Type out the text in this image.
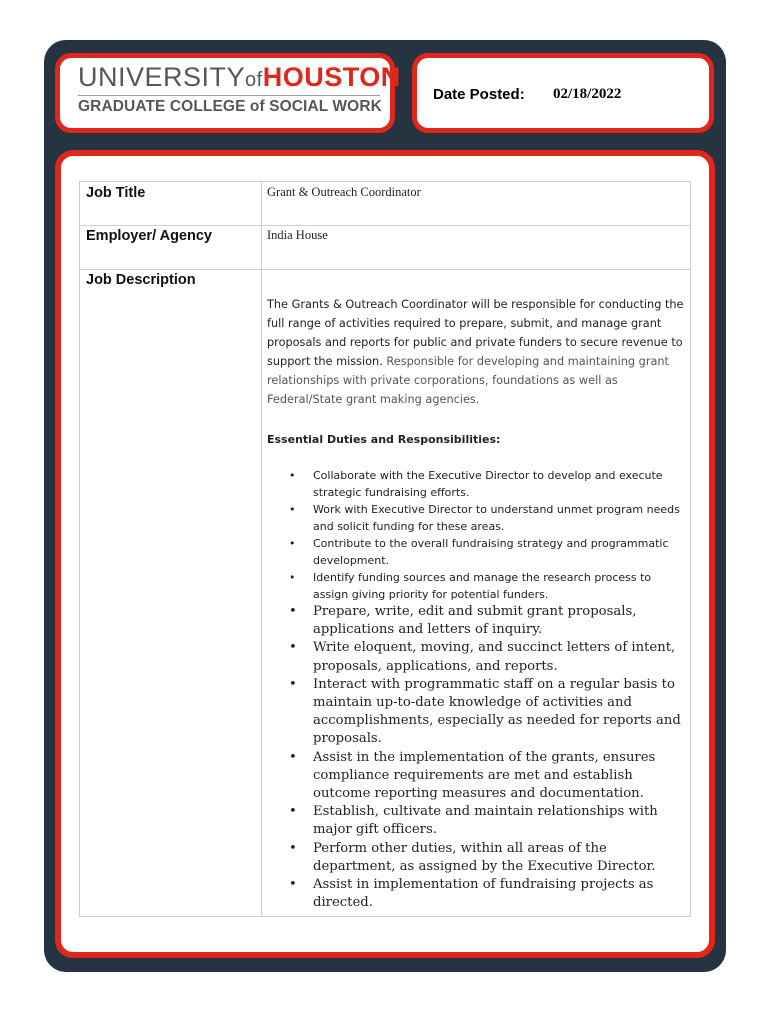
UNIVERSITYofHOUSTON
GRADUATE COLLEGE of SOCIAL WORK
Date Posted: 02/18/2022
Job Title	Grant & Outreach Coordinator
Employer/ Agency	India House
Job Description
The Grants & Outreach Coordinator will be responsible for conducting the full range of activities required to prepare, submit, and manage grant proposals and reports for public and private funders to secure revenue to support the mission. Responsible for developing and maintaining grant relationships with private corporations, foundations as well as Federal/State grant making agencies.
Essential Duties and Responsibilities:
• Collaborate with the Executive Director to develop and execute strategic fundraising efforts.
• Work with Executive Director to understand unmet program needs and solicit funding for these areas.
• Contribute to the overall fundraising strategy and programmatic development.
• Identify funding sources and manage the research process to assign giving priority for potential funders.
• Prepare, write, edit and submit grant proposals, applications and letters of inquiry.
• Write eloquent, moving, and succinct letters of intent, proposals, applications, and reports.
• Interact with programmatic staff on a regular basis to maintain up-to-date knowledge of activities and accomplishments, especially as needed for reports and proposals.
• Assist in the implementation of the grants, ensures compliance requirements are met and establish outcome reporting measures and documentation.
• Establish, cultivate and maintain relationships with major gift officers.
• Perform other duties, within all areas of the department, as assigned by the Executive Director.
• Assist in implementation of fundraising projects as directed.
